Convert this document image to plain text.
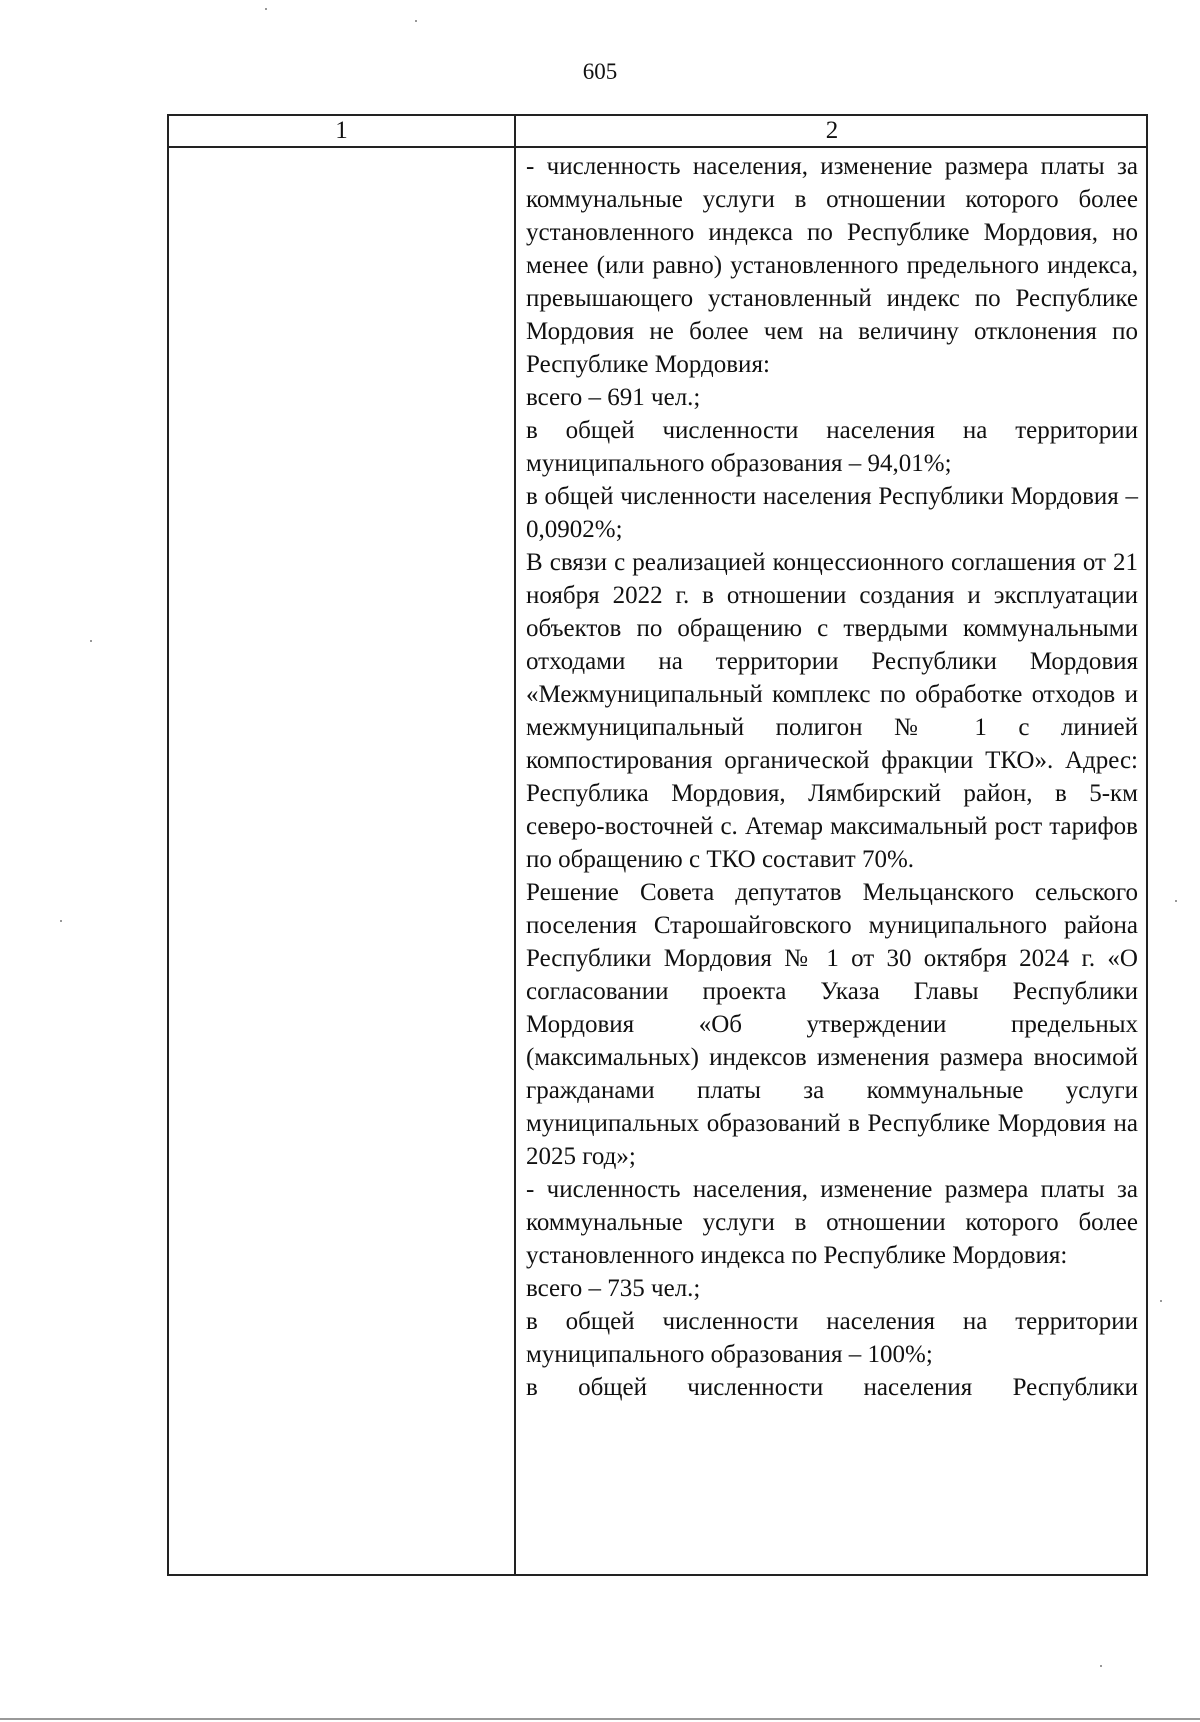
605
1	2

- численность населения, изменение размера платы за коммунальные услуги в отношении которого более установленного индекса по Республике Мордовия, но менее (или равно) установленного предельного индекса, превышающего установленный индекс по Республике Мордовия не более чем на величину отклонения по Республике Мордовия:

всего – 691 чел.;

в общей численности населения на территории муниципального образования – 94,01%;

в общей численности населения Республики Мордовия – 0,0902%;

В связи с реализацией концессионного соглашения от 21 ноября 2022 г. в отношении создания и эксплуатации объектов по обращению с твердыми коммунальными отходами на территории Республики Мордовия «Межмуниципальный комплекс по обработке отходов и межмуниципальный полигон № 1 с линией компостирования органической фракции ТКО». Адрес: Республика Мордовия, Лямбирский район, в 5-км северо-восточней с. Атемар максимальный рост тарифов по обращению с ТКО составит 70%.

Решение Совета депутатов Мельцанского сельского поселения Старошайговского муниципального района Республики Мордовия № 1 от 30 октября 2024 г. «О согласовании проекта Указа Главы Республики Мордовия «Об утверждении предельных (максимальных) индексов изменения размера вносимой гражданами платы за коммунальные услуги муниципальных образований в Республике Мордовия на 2025 год»;

- численность населения, изменение размера платы за коммунальные услуги в отношении которого более установленного индекса по Республике Мордовия:

всего – 735 чел.;

в общей численности населения на территории муниципального образования – 100%;

в общей численности населения Республики
